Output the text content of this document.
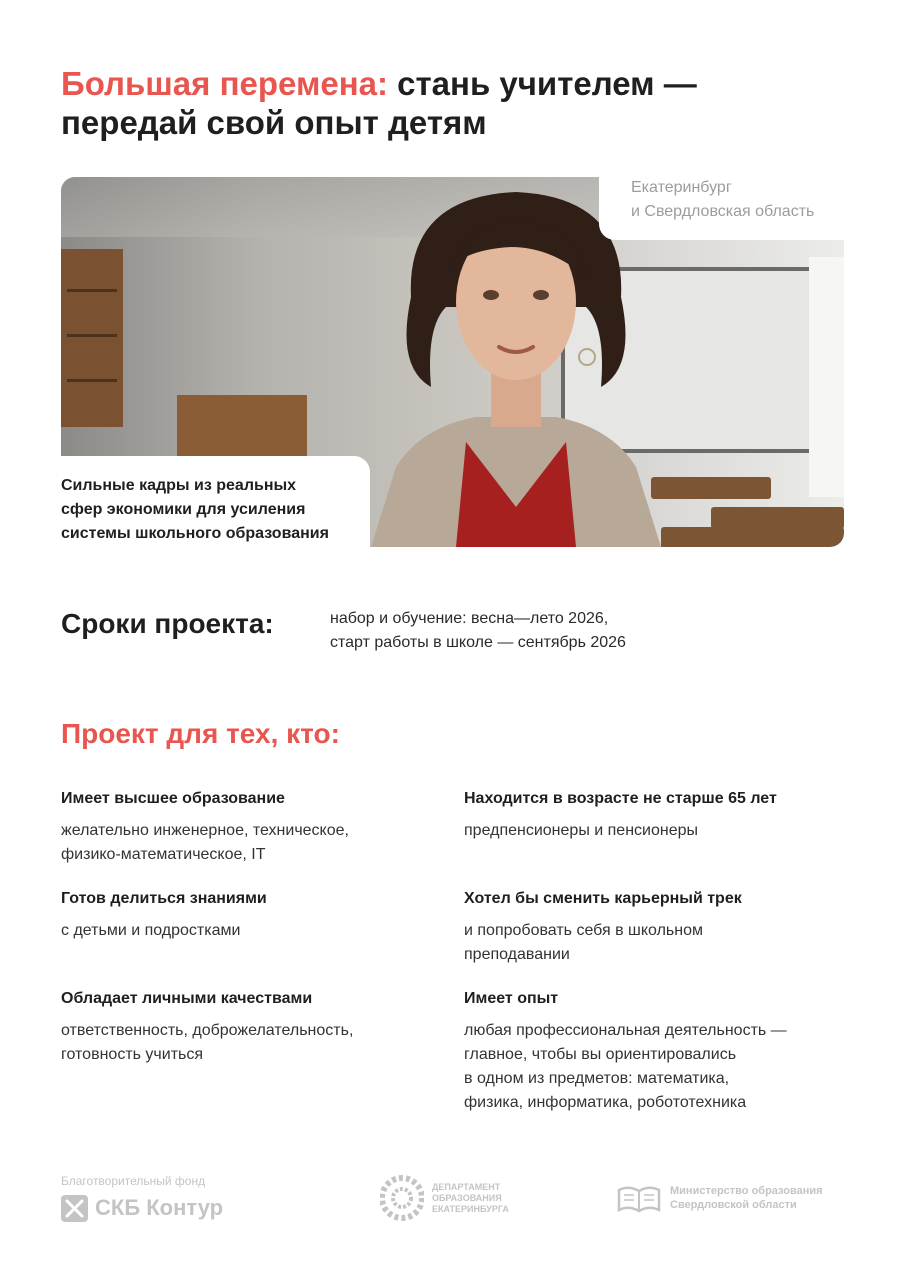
Большая перемена: стань учителем —
передай свой опыт детям

Екатеринбург
и Свердловская область

Сильные кадры из реальных
сфер экономики для усиления
системы школьного образования

Сроки проекта:	набор и обучение: весна—лето 2026,
старт работы в школе — сентябрь 2026

Проект для тех, кто:
Имеет высшее образование

желательно инженерное, техническое,
физико-математическое, IT

Находится в возрасте не старше 65 лет

предпенсионеры и пенсионеры

Готов делиться знаниями

с детьми и подростками

Хотел бы сменить карьерный трек

и попробовать себя в школьном
преподавании

Обладает личными качествами

ответственность, доброжелательность,
готовность учиться

Имеет опыт

любая профессиональная деятельность —
главное, чтобы вы ориентировались
в одном из предметов: математика,
физика, информатика, робототехника

Благотворительный фонд
СКБ Контур
ДЕПАРТАМЕНТ
ОБРАЗОВАНИЯ
ЕКАТЕРИНБУРГА
Министерство образования
Свердловской области
